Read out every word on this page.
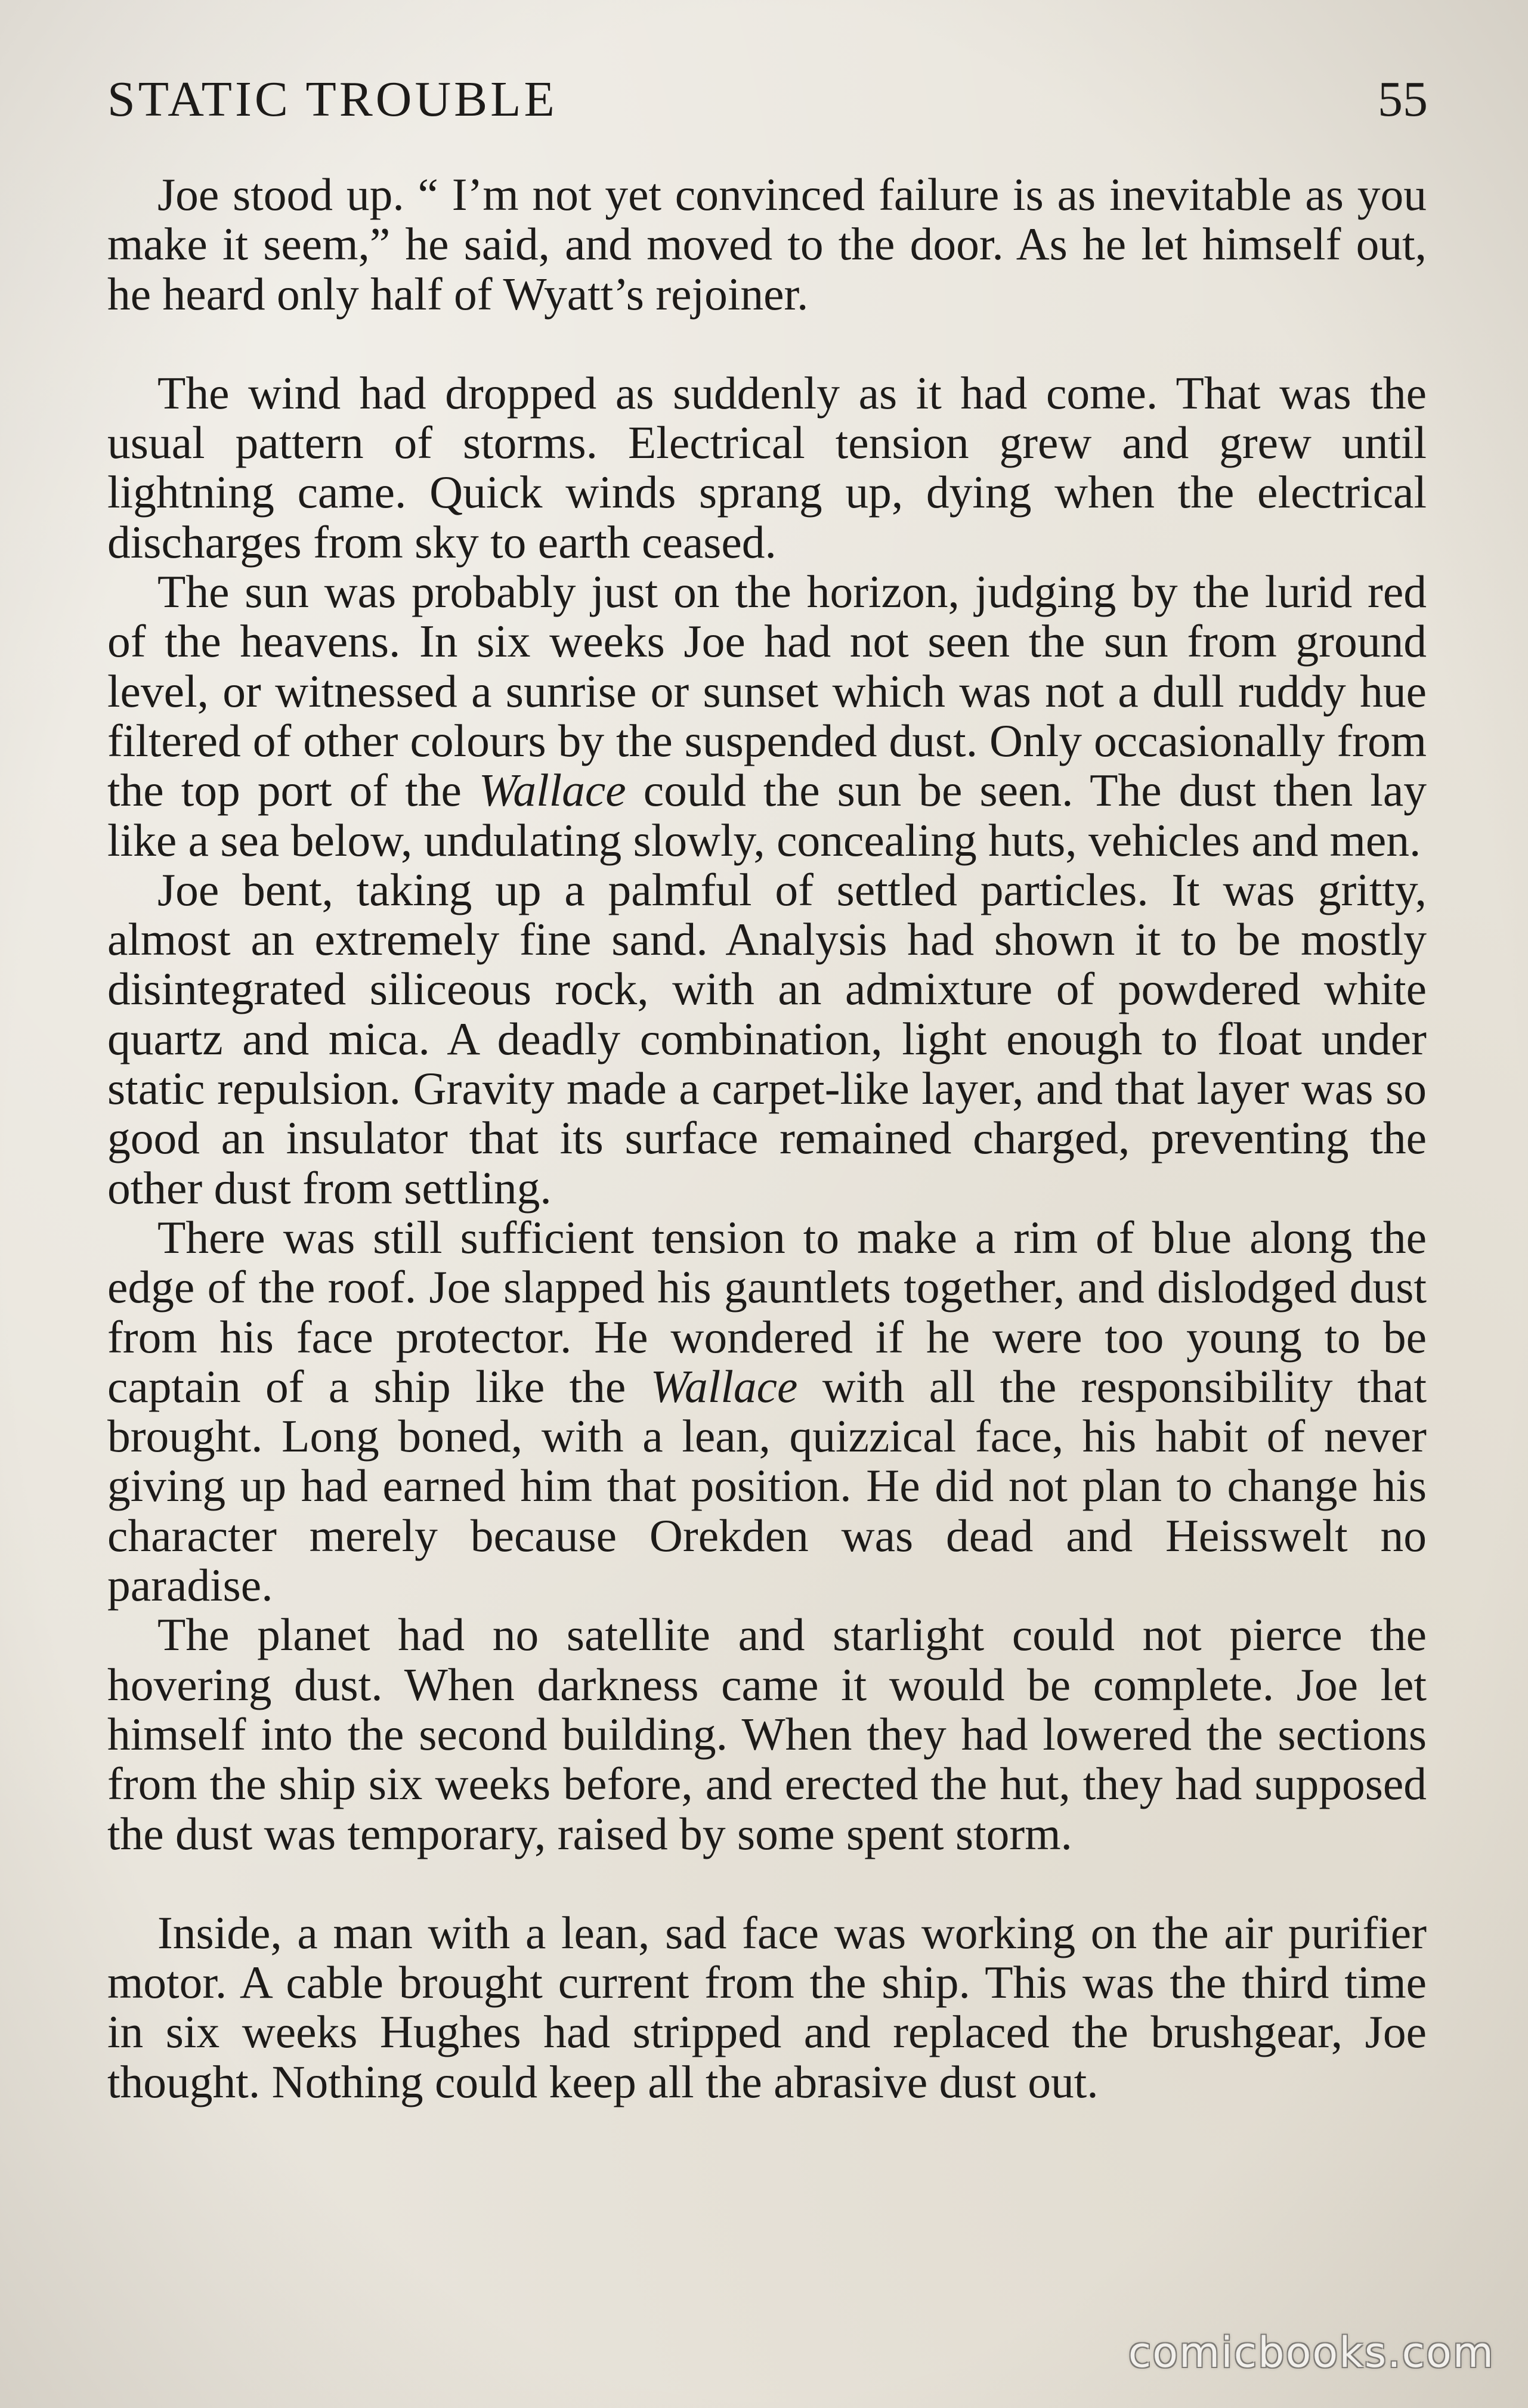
STATIC TROUBLE	55

Joe stood up. “ I’m not yet convinced failure is as inevitable as you make it seem,” he said, and moved to the door. As he let himself out, he heard only half of Wyatt’s rejoiner.

The wind had dropped as suddenly as it had come. That was the usual pattern of storms. Electrical tension grew and grew until lightning came. Quick winds sprang up, dying when the electrical discharges from sky to earth ceased.

The sun was probably just on the horizon, judging by the lurid red of the heavens. In six weeks Joe had not seen the sun from ground level, or witnessed a sunrise or sunset which was not a dull ruddy hue filtered of other colours by the suspended dust. Only occasionally from the top port of the Wallace could the sun be seen. The dust then lay like a sea below, undulating slowly, concealing huts, vehicles and men.

Joe bent, taking up a palmful of settled particles. It was gritty, almost an extremely fine sand. Analysis had shown it to be mostly disintegrated siliceous rock, with an admixture of powdered white quartz and mica. A deadly combination, light enough to float under static repulsion. Gravity made a carpet-like layer, and that layer was so good an insulator that its surface remained charged, preventing the other dust from settling.

There was still sufficient tension to make a rim of blue along the edge of the roof. Joe slapped his gauntlets together, and dislodged dust from his face protector. He wondered if he were too young to be captain of a ship like the Wallace with all the responsibility that brought. Long boned, with a lean, quizzical face, his habit of never giving up had earned him that position. He did not plan to change his character merely because Orekden was dead and Heisswelt no paradise.

The planet had no satellite and starlight could not pierce the hovering dust. When darkness came it would be complete. Joe let himself into the second building. When they had lowered the sections from the ship six weeks before, and erected the hut, they had supposed the dust was temporary, raised by some spent storm.

Inside, a man with a lean, sad face was working on the air purifier motor. A cable brought current from the ship. This was the third time in six weeks Hughes had stripped and replaced the brushgear, Joe thought. Nothing could keep all the abrasive dust out.

comicbooks.com
